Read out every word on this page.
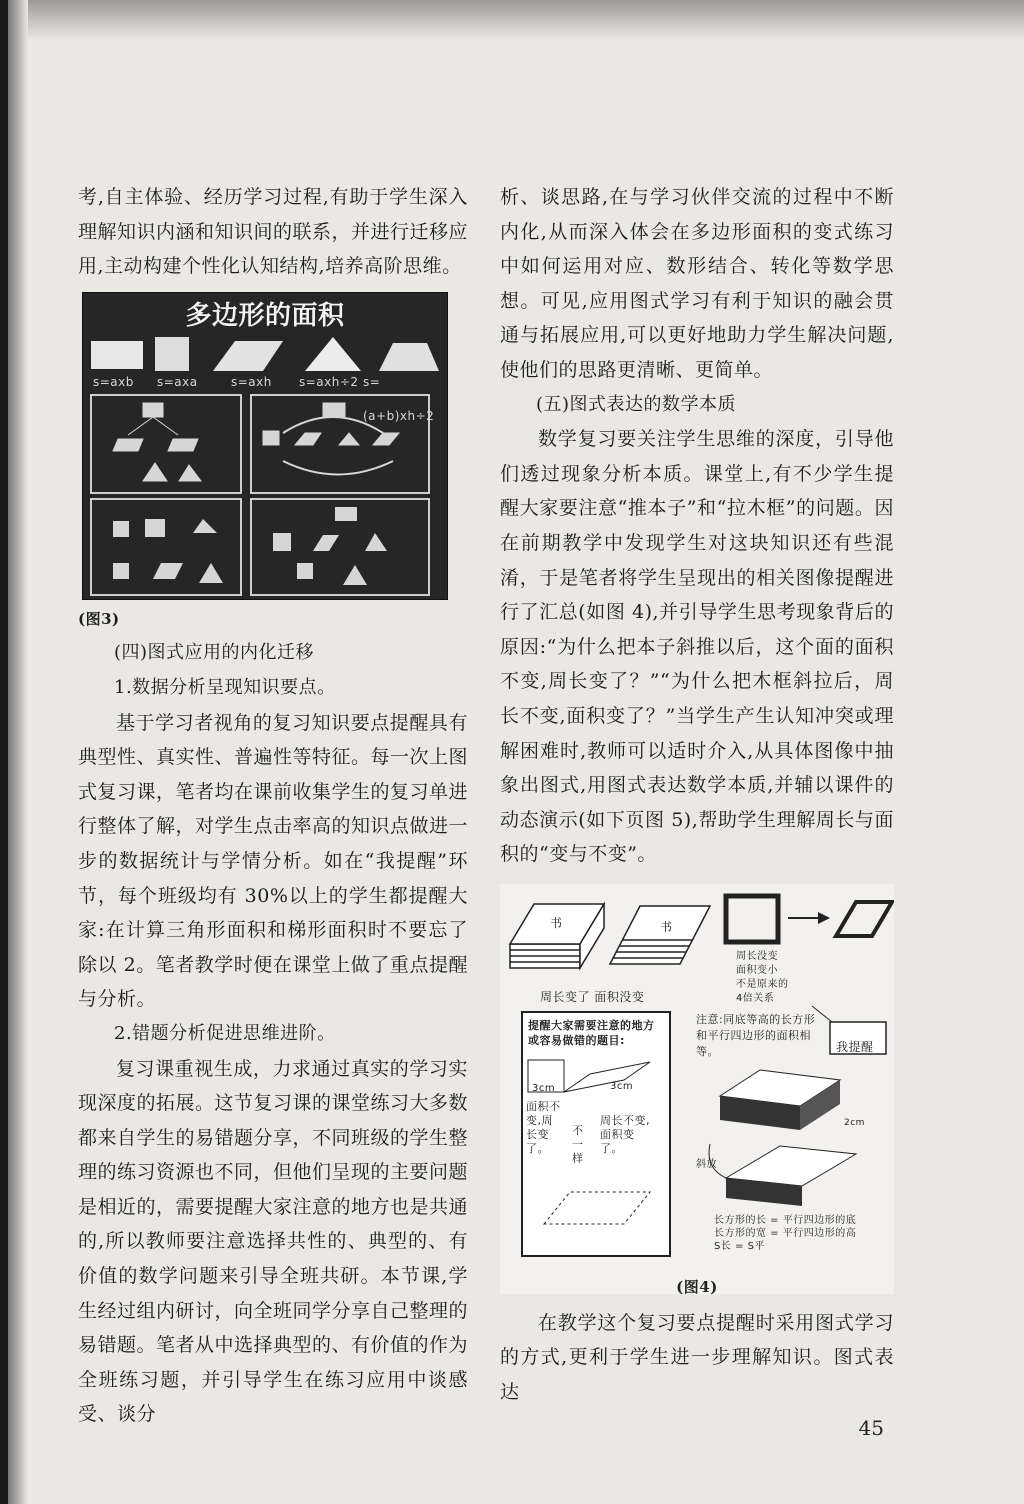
考,自主体验、经历学习过程,有助于学生深入理解知识内涵和知识间的联系，并进行迁移应用,主动构建个性化认知结构,培养高阶思维。

多边形的面积
s=axb s=axa	s=axh s=axh÷2 s=(a+b)xh÷2

(图3)

(四)图式应用的内化迁移

1.数据分析呈现知识要点。

基于学习者视角的复习知识要点提醒具有典型性、真实性、普遍性等特征。每一次上图式复习课，笔者均在课前收集学生的复习单进行整体了解，对学生点击率高的知识点做进一步的数据统计与学情分析。如在“我提醒”环节，每个班级均有 30%以上的学生都提醒大家:在计算三角形面积和梯形面积时不要忘了除以 2。笔者教学时便在课堂上做了重点提醒与分析。

2.错题分析促进思维进阶。

复习课重视生成，力求通过真实的学习实现深度的拓展。这节复习课的课堂练习大多数都来自学生的易错题分享，不同班级的学生整理的练习资源也不同，但他们呈现的主要问题是相近的，需要提醒大家注意的地方也是共通的,所以教师要注意选择共性的、典型的、有价值的数学问题来引导全班共研。本节课,学生经过组内研讨，向全班同学分享自己整理的易错题。笔者从中选择典型的、有价值的作为全班练习题，并引导学生在练习应用中谈感受、谈分

析、谈思路,在与学习伙伴交流的过程中不断内化,从而深入体会在多边形面积的变式练习中如何运用对应、数形结合、转化等数学思想。可见,应用图式学习有利于知识的融会贯通与拓展应用,可以更好地助力学生解决问题,使他们的思路更清晰、更简单。

(五)图式表达的数学本质

数学复习要关注学生思维的深度，引导他们透过现象分析本质。课堂上,有不少学生提醒大家要注意“推本子”和“拉木框”的问题。因在前期教学中发现学生对这块知识还有些混淆，于是笔者将学生呈现出的相关图像提醒进行了汇总(如图 4),并引导学生思考现象背后的原因:“为什么把本子斜推以后，这个面的面积不变,周长变了？”“为什么把木框斜拉后，周长不变,面积变了？”当学生产生认知冲突或理解困难时,教师可以适时介入,从具体图像中抽象出图式,用图式表达数学本质,并辅以课件的动态演示(如下页图 5),帮助学生理解周长与面积的“变与不变”。

书	书
周长变了 面积没变
周长没变
面积变小
不是原来的
4倍关系
提醒大家需要注意的地方或容易做错的题目:
3cm	3cm
面积不变,周长变了。
不一样
周长不变,面积变了。
注意:同底等高的长方形和平行四边形的面积相等。	我提醒
2cm
斜放
长方形的长 = 平行四边形的底
长方形的宽 = 平行四边形的高
S长 = S平
(图4)

在教学这个复习要点提醒时采用图式学习的方式,更利于学生进一步理解知识。图式表达

45
